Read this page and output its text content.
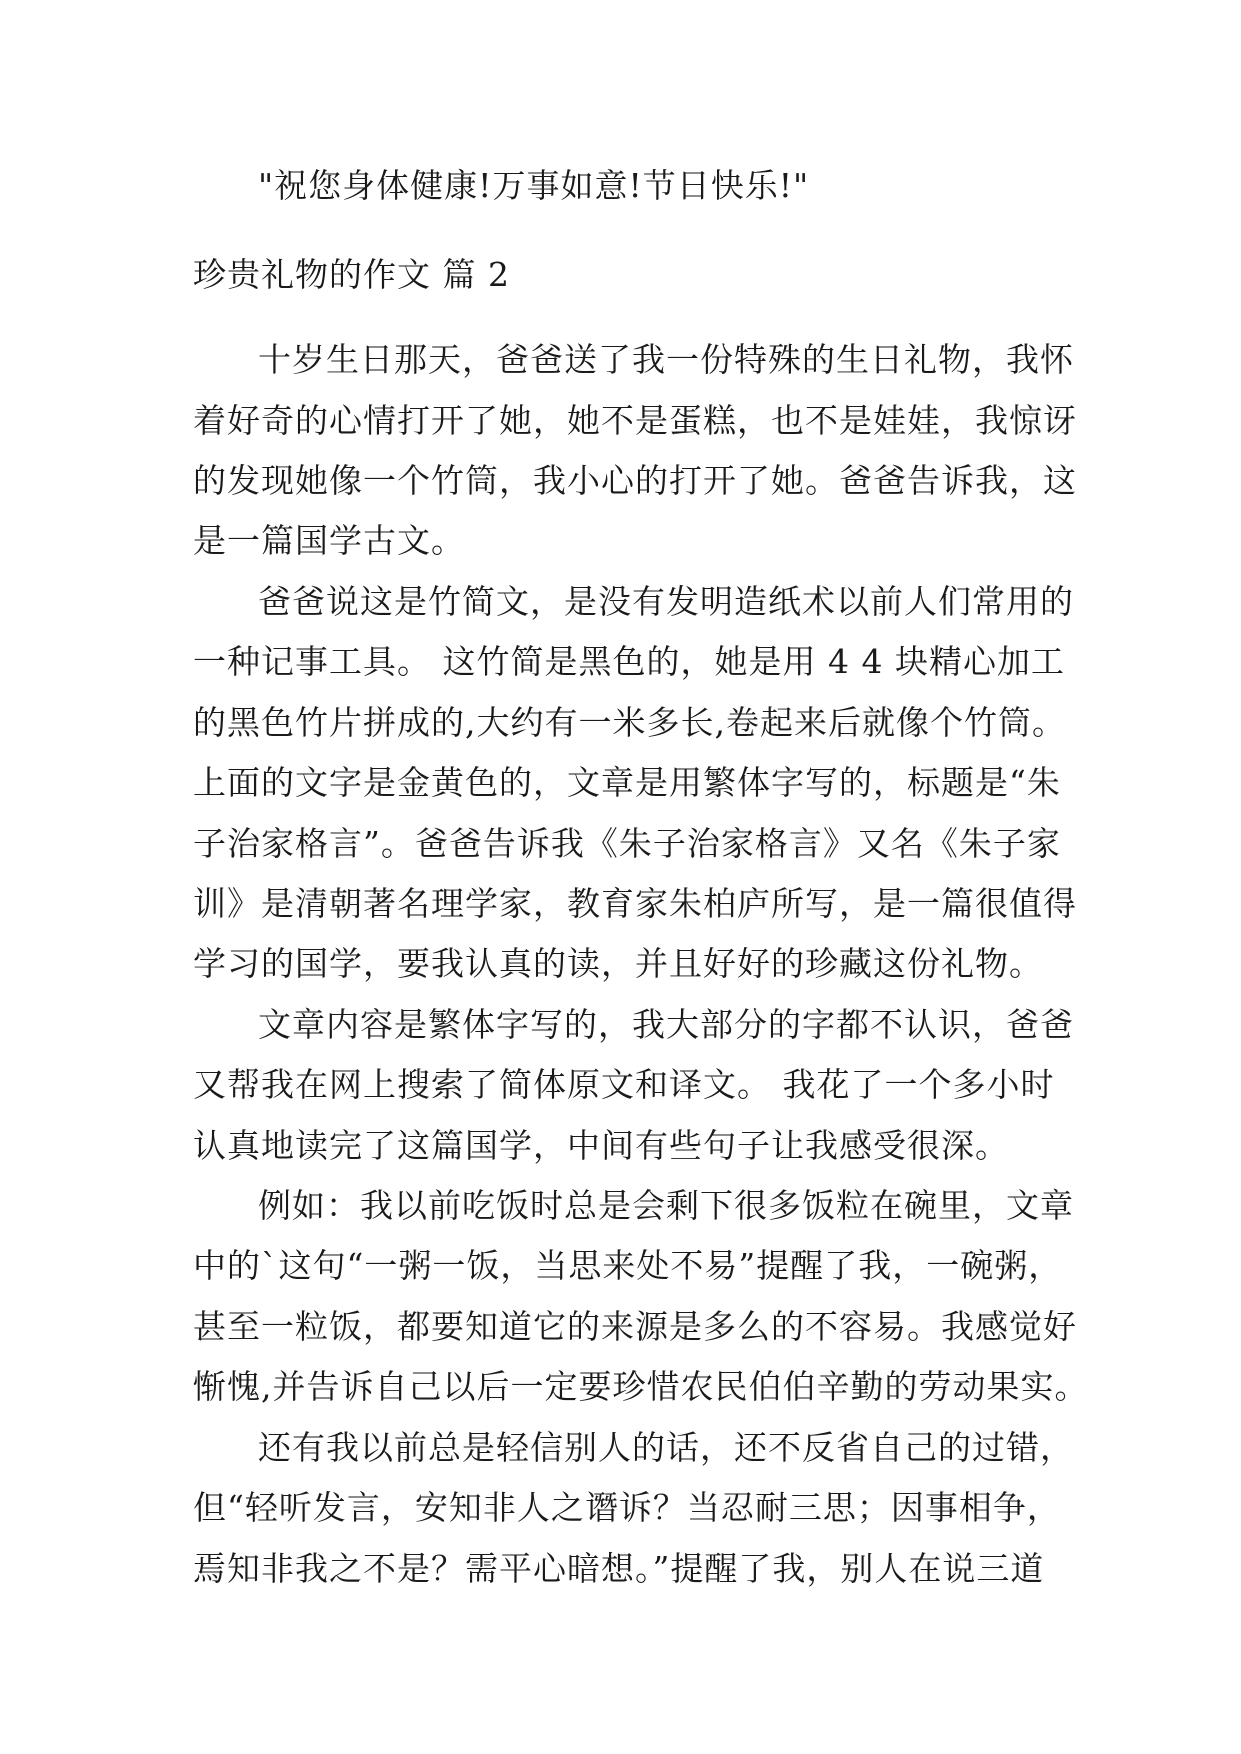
"祝您身体健康!万事如意!节日快乐!"
珍贵礼物的作文 篇 2
十岁生日那天，爸爸送了我一份特殊的生日礼物，我怀
着好奇的心情打开了她，她不是蛋糕，也不是娃娃，我惊讶
的发现她像一个竹筒，我小心的打开了她。爸爸告诉我，这
是一篇国学古文。
爸爸说这是竹简文，是没有发明造纸术以前人们常用的
一种记事工具。 这竹简是黑色的，她是用 4 4 块精心加工
的黑色竹片拼成的,大约有一米多长,卷起来后就像个竹筒。
上面的文字是金黄色的，文章是用繁体字写的，标题是“朱
子治家格言”。爸爸告诉我《朱子治家格言》又名《朱子家
训》是清朝著名理学家，教育家朱柏庐所写，是一篇很值得
学习的国学，要我认真的读，并且好好的珍藏这份礼物。
文章内容是繁体字写的，我大部分的字都不认识，爸爸
又帮我在网上搜索了简体原文和译文。 我花了一个多小时
认真地读完了这篇国学，中间有些句子让我感受很深。
例如：我以前吃饭时总是会剩下很多饭粒在碗里，文章
中的`这句“一粥一饭，当思来处不易”提醒了我，一碗粥，
甚至一粒饭，都要知道它的来源是多么的不容易。我感觉好
惭愧,并告诉自己以后一定要珍惜农民伯伯辛勤的劳动果实。
还有我以前总是轻信别人的话，还不反省自己的过错，
但“轻听发言，安知非人之谮诉？当忍耐三思；因事相争，
焉知非我之不是？需平心暗想。”提醒了我，别人在说三道
